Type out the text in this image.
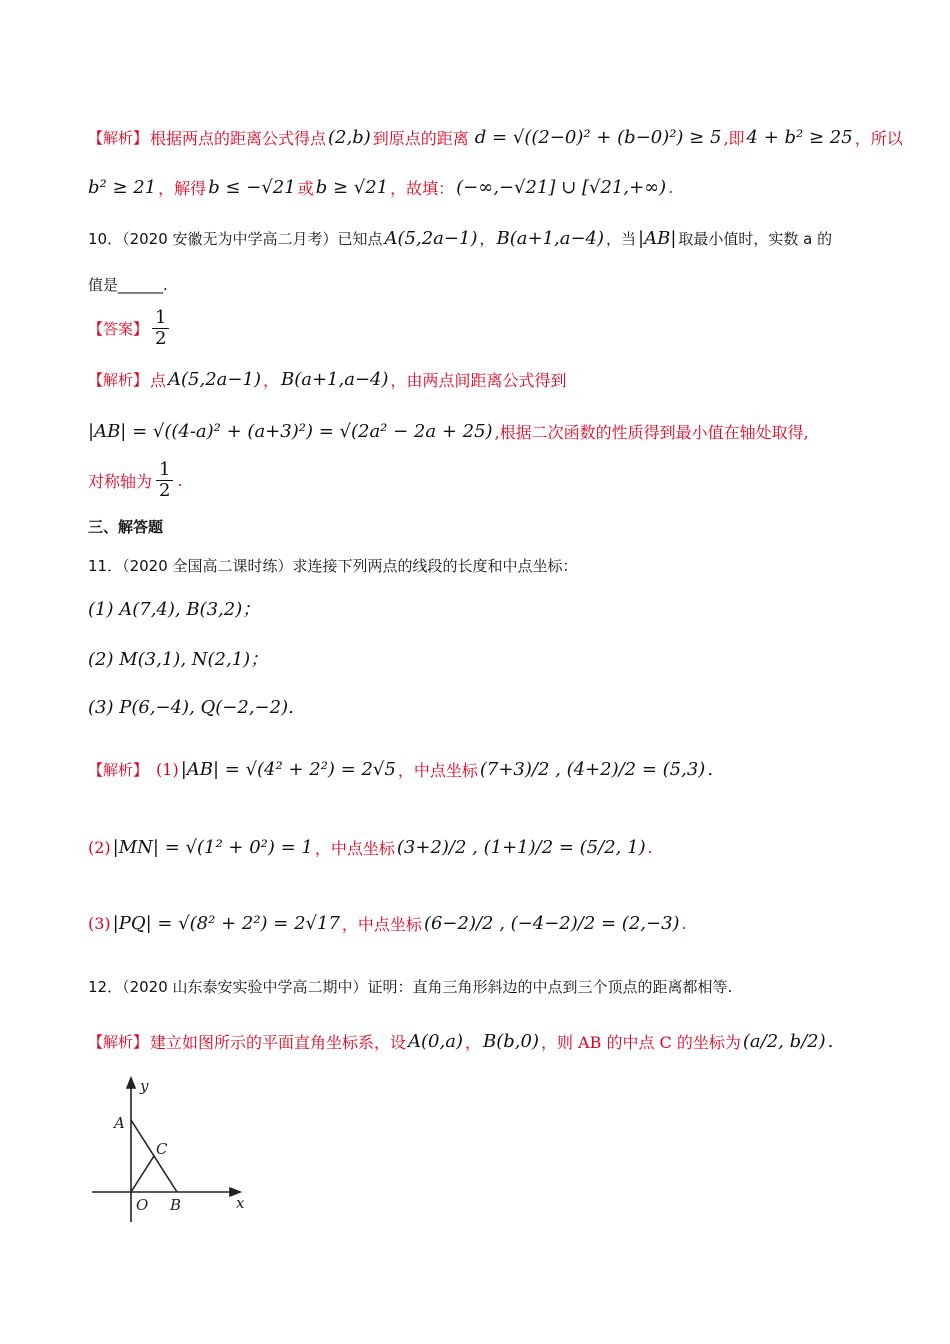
【解析】 根据两点的距离公式得点 (2,b) 到原点的距离 d = √((2−0)² + (b−0)²) ≥ 5 ,即 4 + b² ≥ 25 ，所以
b² ≥ 21 ，解得 b ≤ −√21 或 b ≥ √21 ，故填： (−∞,−√21] ∪ [√21,+∞) .
10．（2020 安徽无为中学高二月考）已知点 A(5,2a−1) ， B(a+1,a−4) ，当 |AB| 取最小值时，实数 a 的
值是______.
【答案】 $\frac{1}{2}$
【解析】 点 A(5,2a−1) ， B(a+1,a−4) ，由两点间距离公式得到
|AB| = √((4-a)² + (a+3)²) = √(2a² − 2a + 25) ,根据二次函数的性质得到最小值在轴处取得,
对称轴为 $\frac{1}{2}$ .
三、解答题
11．（2020 全国高二课时练）求连接下列两点的线段的长度和中点坐标：
(1) A(7,4), B(3,2)；
(2) M(3,1), N(2,1)；
(3) P(6,−4), Q(−2,−2).
【解析】 (1) |AB| = √(4² + 2²) = 2√5 ，中点坐标 (7+3)/2 , (4+2)/2 = (5,3) .
(2) |MN| = √(1² + 0²) = 1 ，中点坐标 (3+2)/2 , (1+1)/2 = (5/2, 1) .
(3) |PQ| = √(8² + 2²) = 2√17 ，中点坐标 (6−2)/2 , (−4−2)/2 = (2,−3) .
12．（2020 山东泰安实验中学高二期中）证明：直角三角形斜边的中点到三个顶点的距离都相等.
【解析】 建立如图所示的平面直角坐标系，设 A(0,a) ， B(b,0) ，则 AB 的中点 C 的坐标为 (a/2, b/2) .
y
x
A
C
O B
